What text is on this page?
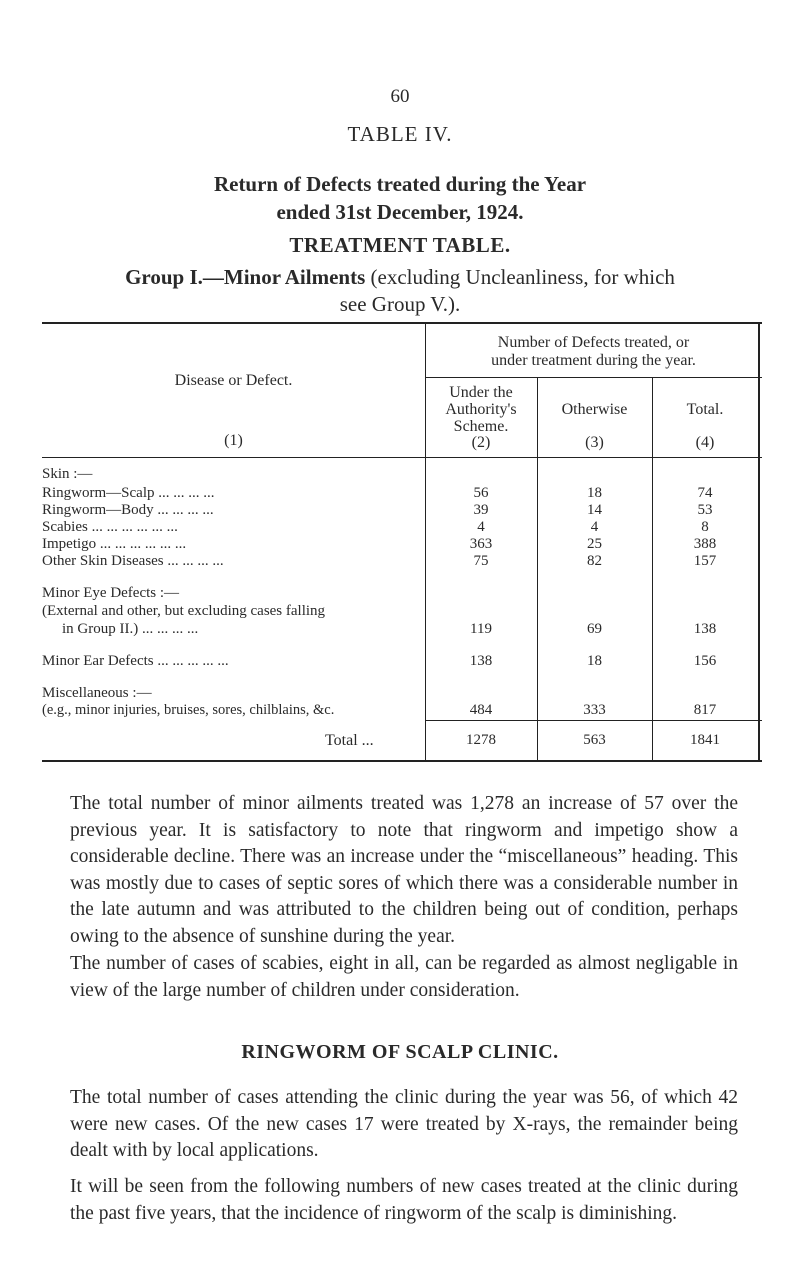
60
TABLE IV.
Return of Defects treated during the Year
ended 31st December, 1924.
TREATMENT TABLE.
Group I.—Minor Ailments (excluding Uncleanliness, for which
see Group V.).
Disease or Defect.
(1)
Number of Defects treated, or
under treatment during the year.
Under the
Authority's
Scheme.
(2)
Otherwise
(3)
Total.
(4)
Skin :—
Ringworm—Scalp ... ... ... ...	56	18	74
Ringworm—Body ... ... ... ...	39	14	53
Scabies ... ... ... ... ... ...	4	4	8
Impetigo ... ... ... ... ... ...	363	25	388
Other Skin Diseases ... ... ... ...	75	82	157
Minor Eye Defects :—
(External and other, but excluding cases falling
in Group II.) ... ... ... ...	119	69	138
Minor Ear Defects ... ... ... ... ...	138	18	156
Miscellaneous :—
(e.g., minor injuries, bruises, sores, chilblains, &c.	484	333	817
Total ...	1278	563	1841
The total number of minor ailments treated was 1,278 an increase of 57 over the previous year. It is satisfactory to note that ringworm and impetigo show a considerable decline. There was an increase under the “miscellaneous” heading. This was mostly due to cases of septic sores of which there was a considerable number in the late autumn and was attributed to the children being out of condition, perhaps owing to the absence of sunshine during the year.
The number of cases of scabies, eight in all, can be regarded as almost negligable in view of the large number of children under consideration.
RINGWORM OF SCALP CLINIC.
The total number of cases attending the clinic during the year was 56, of which 42 were new cases. Of the new cases 17 were treated by X-rays, the remainder being dealt with by local applications.
It will be seen from the following numbers of new cases treated at the clinic during the past five years, that the incidence of ringworm of the scalp is diminishing.
